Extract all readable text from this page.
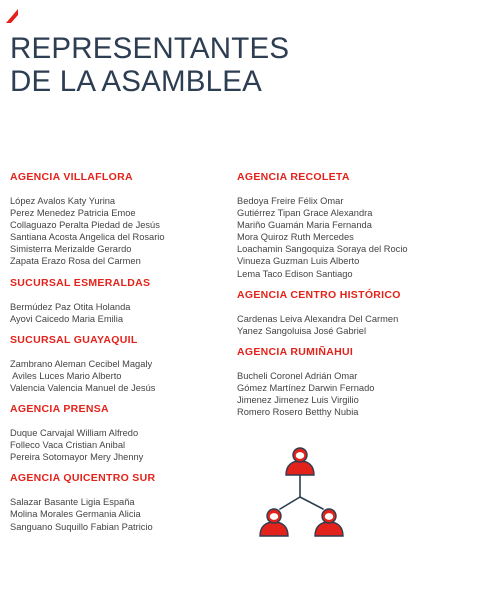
REPRESENTANTES
DE LA ASAMBLEA
AGENCIA VILLAFLORA
López Avalos Katy Yurina
Perez Menedez Patricia Emoe
Collaguazo Peralta Piedad de Jesús
Santiana Acosta Angelica del Rosario
Simisterra Merizalde Gerardo
Zapata Erazo Rosa del Carmen
SUCURSAL ESMERALDAS
Bermúdez Paz Otita Holanda
Ayovi Caicedo Maria Emilia
SUCURSAL GUAYAQUIL
Zambrano Aleman Cecibel Magaly
Aviles Luces Mario Alberto
Valencia Valencia Manuel de Jesús
AGENCIA PRENSA
Duque Carvajal William Alfredo
Folleco Vaca Cristian Anibal
Pereira Sotomayor Mery Jhenny
AGENCIA QUICENTRO SUR
Salazar Basante Ligia España
Molina Morales Germania Alicia
Sanguano Suquillo Fabian Patricio
AGENCIA RECOLETA
Bedoya Freire Félix Omar
Gutiérrez Tipan Grace Alexandra
Mariño Guamán Maria Fernanda
Mora Quiroz Ruth Mercedes
Loachamin Sangoquiza Soraya del Rocio
Vinueza Guzman Luis Alberto
Lema Taco Edison Santiago
AGENCIA CENTRO HISTÓRICO
Cardenas Leiva Alexandra Del Carmen
Yanez Sangoluisa José Gabriel
AGENCIA RUMIÑAHUI
Bucheli Coronel Adrián Omar
Gómez Martínez Darwin Fernado
Jimenez Jimenez Luis Virgilio
Romero Rosero Betthy Nubia
